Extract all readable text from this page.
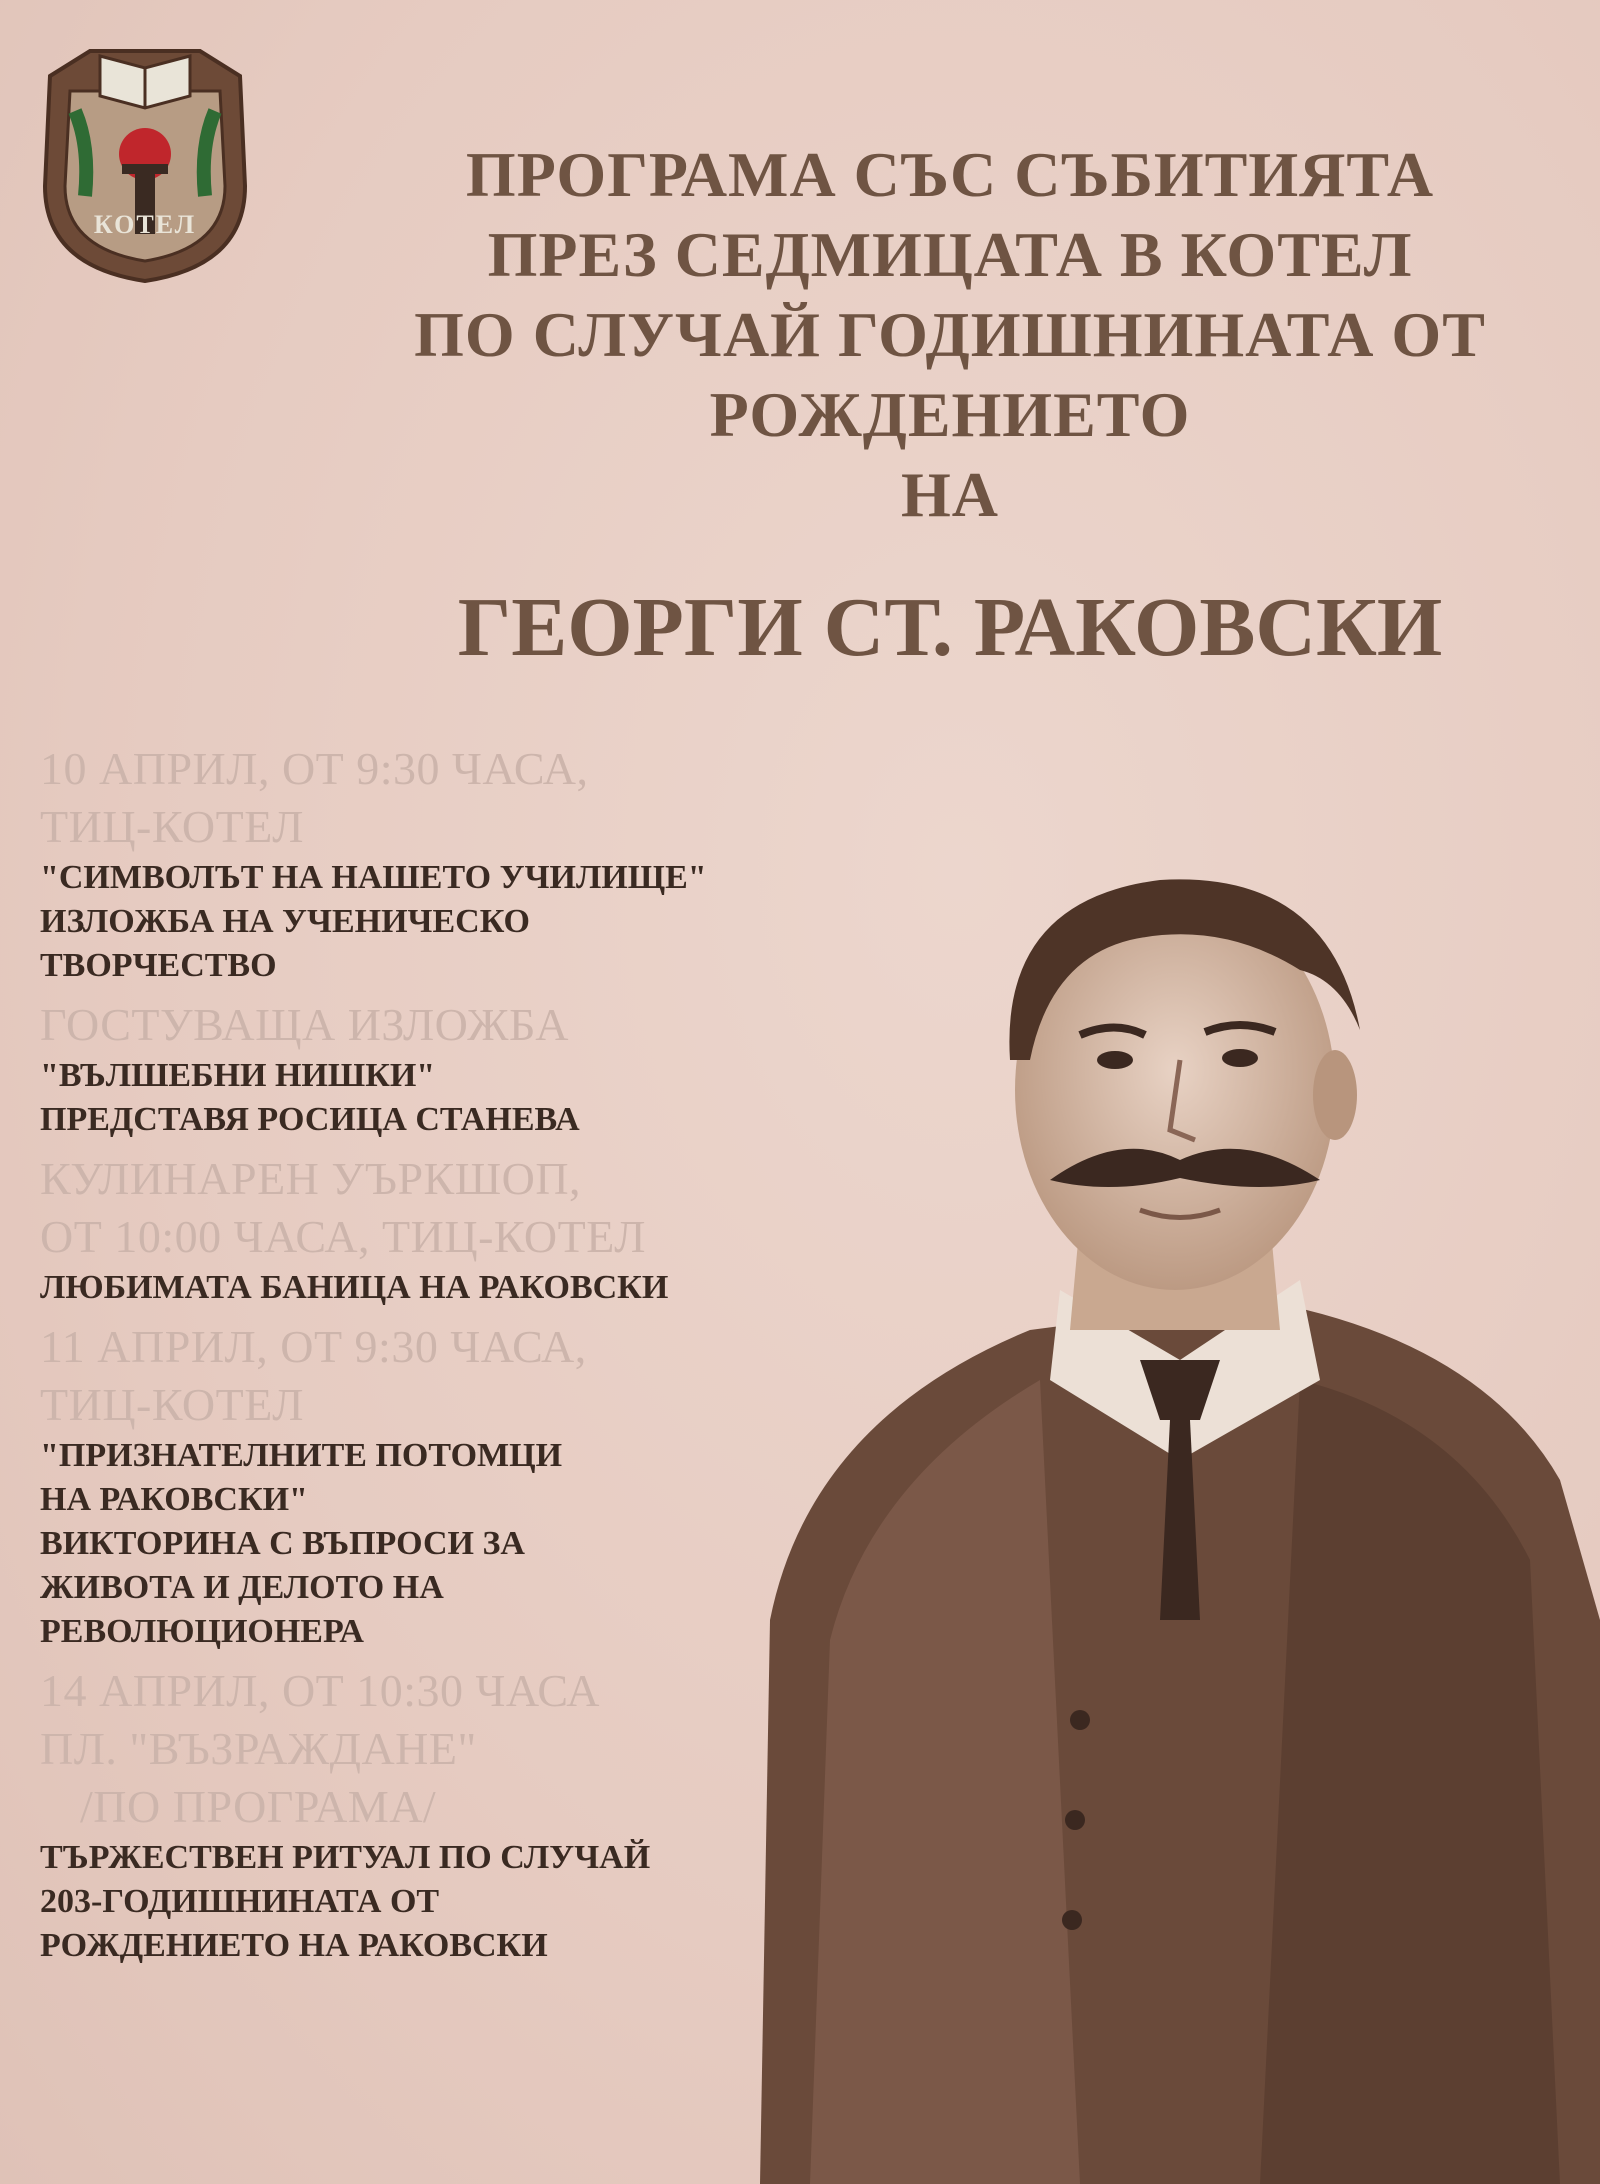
КОТЕЛ
ПРОГРАМА СЪС СЪБИТИЯТА
ПРЕЗ СЕДМИЦАТА В КОТЕЛ
ПО СЛУЧАЙ ГОДИШНИНАТА ОТ
РОЖДЕНИЕТО
НА
ГЕОРГИ СТ. РАКОВСКИ
10 АПРИЛ, ОТ 9:30 ЧАСА,
ТИЦ-КОТЕЛ
"СИМВОЛЪТ НА НАШЕТО УЧИЛИЩЕ"
ИЗЛОЖБА НА УЧЕНИЧЕСКО
ТВОРЧЕСТВО
ГОСТУВАЩА ИЗЛОЖБА
"ВЪЛШЕБНИ НИШКИ"
ПРЕДСТАВЯ РОСИЦА СТАНЕВА
КУЛИНАРЕН УЪРКШОП,
ОТ 10:00 ЧАСА, ТИЦ-КОТЕЛ
ЛЮБИМАТА БАНИЦА НА РАКОВСКИ
11 АПРИЛ, ОТ 9:30 ЧАСА,
ТИЦ-КОТЕЛ
"ПРИЗНАТЕЛНИТЕ ПОТОМЦИ
НА РАКОВСКИ"
ВИКТОРИНА С ВЪПРОСИ ЗА
ЖИВОТА И ДЕЛОТО НА
РЕВОЛЮЦИОНЕРА
14 АПРИЛ, ОТ 10:30 ЧАСА
ПЛ. "ВЪЗРАЖДАНЕ"
/ПО ПРОГРАМА/
ТЪРЖЕСТВЕН РИТУАЛ ПО СЛУЧАЙ
203-ГОДИШНИНАТА ОТ
РОЖДЕНИЕТО НА РАКОВСКИ
